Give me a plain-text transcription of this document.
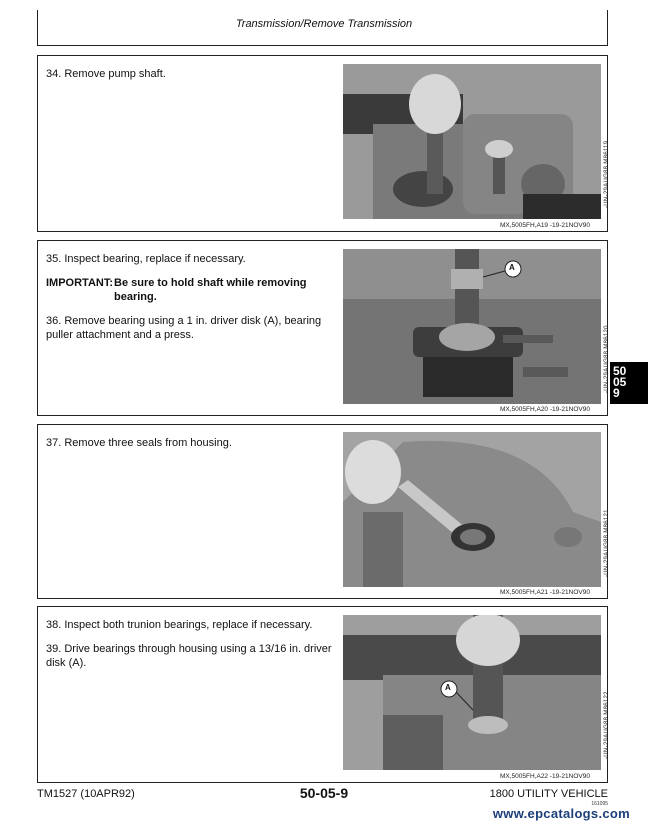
Transmission/Remove Transmission

34. Remove pump shaft.

-UN-29AUG88 M86119
MX,5005FH,A19 -19-21NOV90

35. Inspect bearing, replace if necessary.

IMPORTANT:Be sure to hold shaft while removing
bearing.

36. Remove bearing using a 1 in. driver disk (A), bearing puller attachment and a press.

A
-UN-29AUG88 M86120
MX,5005FH,A20 -19-21NOV90

37. Remove three seals from housing.

-UN-29AUG88 M86121
MX,5005FH,A21 -19-21NOV90

38. Inspect both trunion bearings, replace if necessary.

39. Drive bearings through housing using a 13/16 in. driver disk (A).

A
-UN-29AUG88 M86122
MX,5005FH,A22 -19-21NOV90
50
05
9
TM1527 (10APR92)	50-05-9	1800 UTILITY VEHICLE
161095
www.epcatalogs.com
